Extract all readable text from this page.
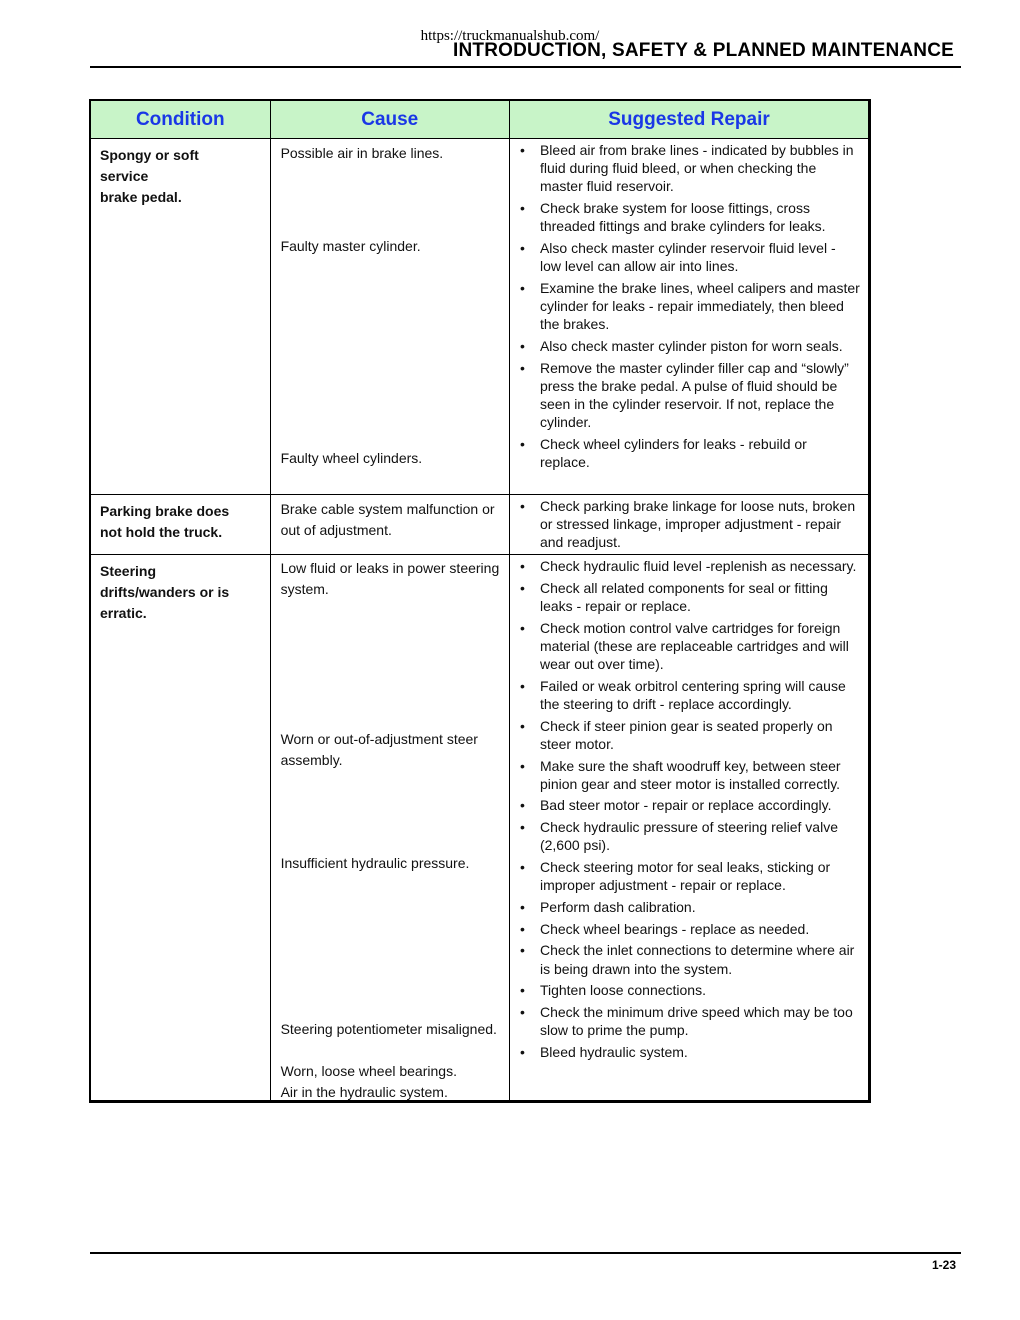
https://truckmanualshub.com/
INTRODUCTION, SAFETY & PLANNED MAINTENANCE
Condition	Cause	Suggested Repair
Spongy or soft
service
brake pedal.
Possible air in brake lines.
Faulty master cylinder.
Faulty wheel cylinders.
• Bleed air from brake lines - indicated by bubbles in fluid during fluid bleed, or when checking the master fluid reservoir.
• Check brake system for loose fittings, cross threaded fittings and brake cylinders for leaks.
• Also check master cylinder reservoir fluid level - low level can allow air into lines.
• Examine the brake lines, wheel calipers and master cylinder for leaks - repair immediately, then bleed the brakes.
• Also check master cylinder piston for worn seals.
• Remove the master cylinder filler cap and “slowly” press the brake pedal. A pulse of fluid should be seen in the cylinder reservoir. If not, replace the cylinder.
• Check wheel cylinders for leaks - rebuild or replace.
Parking brake does
not hold the truck.
Brake cable system malfunction or out of adjustment.
• Check parking brake linkage for loose nuts, broken or stressed linkage, improper adjustment - repair and readjust.
Steering
drifts/wanders or is
erratic.
Low fluid or leaks in power steering system.
Worn or out-of-adjustment steer assembly.
Insufficient hydraulic pressure.
Steering potentiometer misaligned.
Worn, loose wheel bearings.
Air in the hydraulic system.
• Check hydraulic fluid level -replenish as necessary.
• Check all related components for seal or fitting leaks - repair or replace.
• Check motion control valve cartridges for foreign material (these are replaceable cartridges and will wear out over time).
• Failed or weak orbitrol centering spring will cause the steering to drift - replace accordingly.
• Check if steer pinion gear is seated properly on steer motor.
• Make sure the shaft woodruff key, between steer pinion gear and steer motor is installed correctly.
• Bad steer motor - repair or replace accordingly.
• Check hydraulic pressure of steering relief valve (2,600 psi).
• Check steering motor for seal leaks, sticking or improper adjustment - repair or replace.
• Perform dash calibration.
• Check wheel bearings - replace as needed.
• Check the inlet connections to determine where air is being drawn into the system.
• Tighten loose connections.
• Check the minimum drive speed which may be too slow to prime the pump.
• Bleed hydraulic system.
1-23
